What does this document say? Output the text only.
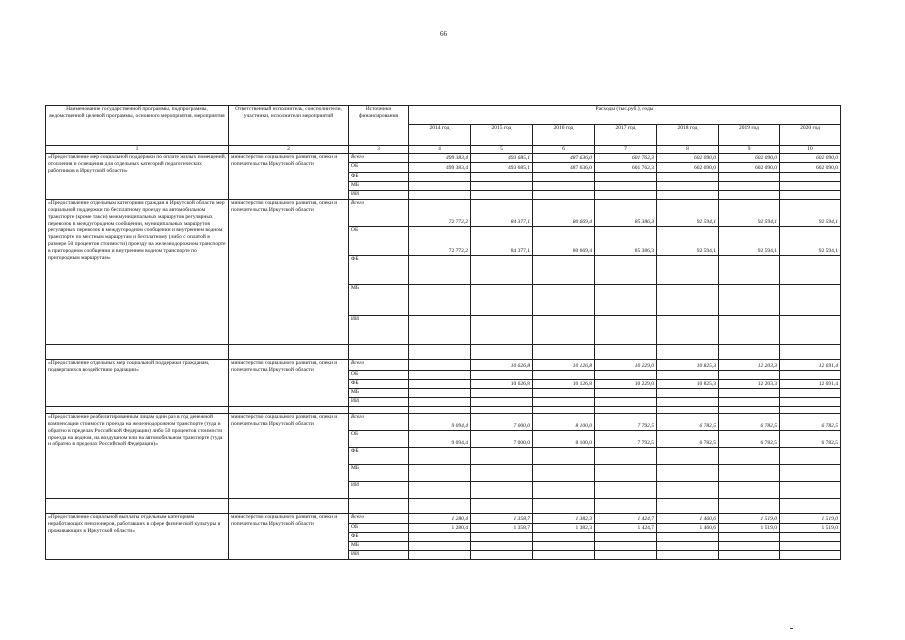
66
Наименование государственной программы, подпрограммы, ведомственной целевой программы, основного мероприятия, мероприятия	Ответственный исполнитель, соисполнители, участники, исполнители мероприятий	Источники финансирования	Расходы (тыс.руб.), годы						
			2014 год	2015 год	2016 год	2017 год	2018 год	2019 год	2020 год
1	2	3	4	5	6	7	8	9	10
«Предоставление мер социальной поддержки по оплате жилых помещений, отопления и освещения для отдельных категорий педагогических работников в Иркутской области»	министерство социального развития, опеки и попечительства Иркутской области	Всего	499 383,4	493 685,1	487 636,0	601 762,3	602 090,0	602 090,0	602 090,0
		ОБ	499 383,4	493 685,1	487 636,0	601 762,3	602 090,0	602 090,0	602 090,0
		ФБ							
		МБ							
		ИИ							
«Предоставление отдельным категориям граждан в Иркутской области мер социальной поддержки по бесплатному проезду на автомобильном транспорте (кроме такси) межмуниципальных маршрутов регулярных перевозок в междугородном сообщении, муниципальных маршрутов регулярных перевозок в междугородном сообщении и внутреннем водном транспорте по местным маршрутам и бесплатному (либо с оплатой в размере 50 процентов стоимости) проезду на железнодорожном транспорте в пригородном сообщении и внутреннем водном транспорте по пригородным маршрутам»	министерство социального развития, опеки и попечительства Иркутской области	Всего	72 772,2	84 377,1	80 669,4	85 386,3	92 594,1	92 594,1	92 594,1
		ОБ	72 772,2	84 377,1	80 669,4	85 386,3	92 594,1	92 594,1	92 594,1
		ФБ							
		МБ							
		ИИ							

«Предоставление отдельных мер социальной поддержки гражданам, подвергшихся воздействию радиации»	министерство социального развития, опеки и попечительства Иркутской области	Всего		10 626,8	10 126,8	10 229,0	10 825,3	12 203,3	12 691,4
		ОБ							
		ФБ		10 626,8	10 126,8	10 229,0	10 825,3	12 203,3	12 691,4
		МБ							
		ИИ							

«Предоставление реабилитированным лицам один раз в год денежной компенсации стоимости проезда на железнодорожном транспорте (туда и обратно в пределах Российской Федерации) либо 50 процентов стоимости проезда на водном, на воздушном или на автомобильном транспорте (туда и обратно в пределах Российской Федерации)»	министерство социального развития, опеки и попечительства Иркутской области	Всего	9 094,4	7 000,0	8 100,0	7 792,5	6 782,5	6 782,5	6 782,5
		ОБ	9 094,4	7 000,0	8 100,0	7 792,5	6 782,5	6 782,5	6 782,5
		ФБ							
		МБ							
		ИИ							

«Предоставление социальной выплаты отдельным категориям неработающих пенсионеров, работавших в сфере физической культуры и проживающих в Иркутской области»	министерство социального развития, опеки и попечительства Иркутской области	Всего	1 280,4	1 358,7	1 382,3	1 424,7	1 460,6	1 519,0	1 519,0
		ОБ	1 280,4	1 358,7	1 382,3	1 424,7	1 460,6	1 519,0	1 519,0
		ФБ							
		МБ							
		ИИ							
